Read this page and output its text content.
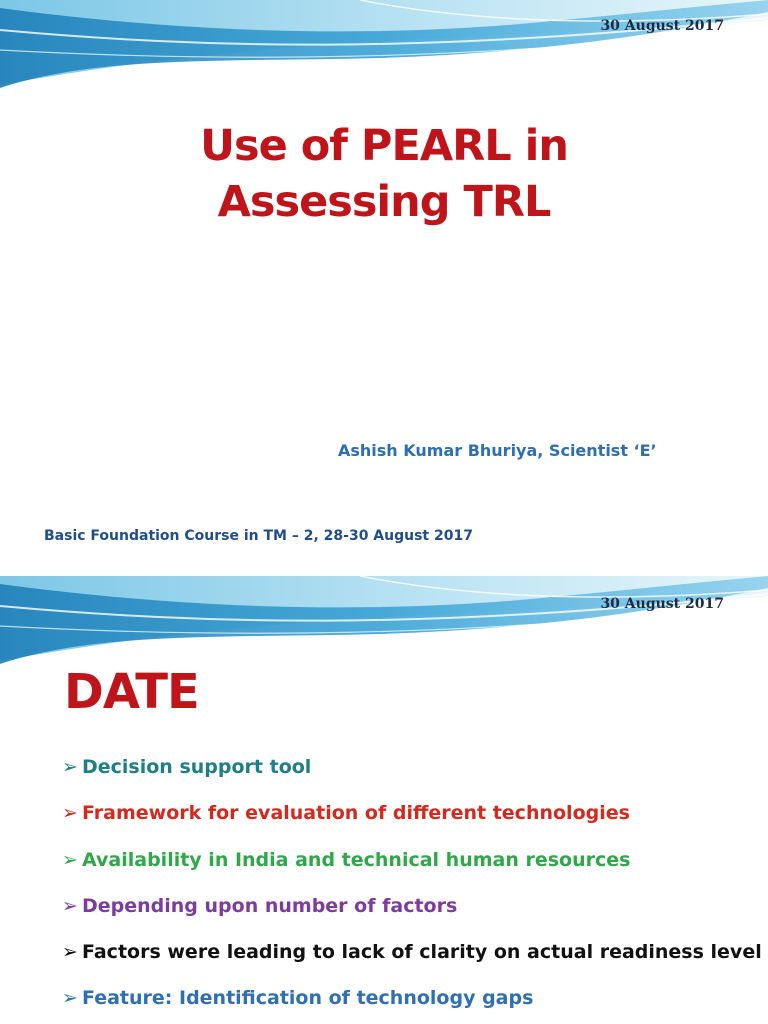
30 August 2017
Use of PEARL in
Assessing TRL
Ashish Kumar Bhuriya, Scientist ‘E’
Basic Foundation Course in TM – 2, 28-30 August 2017
30 August 2017
DATE
➢ Decision support tool
➢ Framework for evaluation of different technologies
➢ Availability in India and technical human resources
➢ Depending upon number of factors
➢ Factors were leading to lack of clarity on actual readiness level
➢ Feature: Identification of technology gaps
